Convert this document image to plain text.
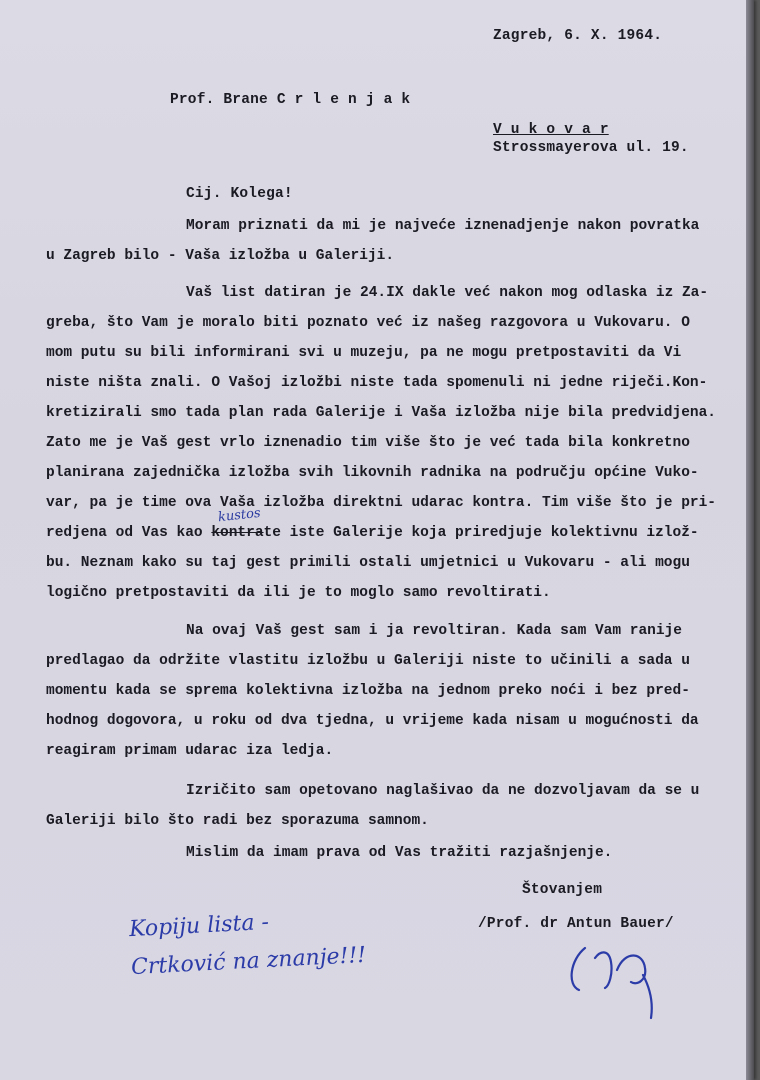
Zagreb, 6. X. 1964.
Prof. Brane C r l e n j a k
V u k o v a r
Strossmayerova ul. 19.
Cij. Kolega!
Moram priznati da mi je najveće iznenadjenje nakon povratka
u Zagreb bilo - Vaša izložba u Galeriji.
Vaš list datiran je 24.IX dakle već nakon mog odlaska iz Za-
greba, što Vam je moralo biti poznato već iz našeg razgovora u Vukovaru. O
mom putu su bili informirani svi u muzeju, pa ne mogu pretpostaviti da Vi
niste ništa znali. O Vašoj izložbi niste tada spomenuli ni jedne riječi.Kon-
kretizirali smo tada plan rada Galerije i Vaša izložba nije bila predvidjena.
Zato me je Vaš gest vrlo iznenadio tim više što je već tada bila konkretno
planirana zajednička izložba svih likovnih radnika na području općine Vuko-
var, pa je time ova Vaša izložba direktni udarac kontra. Tim više što je pri-
redjena od Vas kao kontrate iste Galerije koja priredjuje kolektivnu izlož-
bu. Neznam kako su taj gest primili ostali umjetnici u Vukovaru - ali mogu
logično pretpostaviti da ili je to moglo samo revoltirati.
kustos
Na ovaj Vaš gest sam i ja revoltiran. Kada sam Vam ranije
predlagao da održite vlastitu izložbu u Galeriji niste to učinili a sada u
momentu kada se sprema kolektivna izložba na jednom preko noći i bez pred-
hodnog dogovora, u roku od dva tjedna, u vrijeme kada nisam u mogućnosti da
reagiram primam udarac iza ledja.
Izričito sam opetovano naglašivao da ne dozvoljavam da se u
Galeriji bilo što radi bez sporazuma samnom.
Mislim da imam prava od Vas tražiti razjašnjenje.
Štovanjem
/Prof. dr Antun Bauer/
Kopiju lista -
Crtković na znanje!!!
